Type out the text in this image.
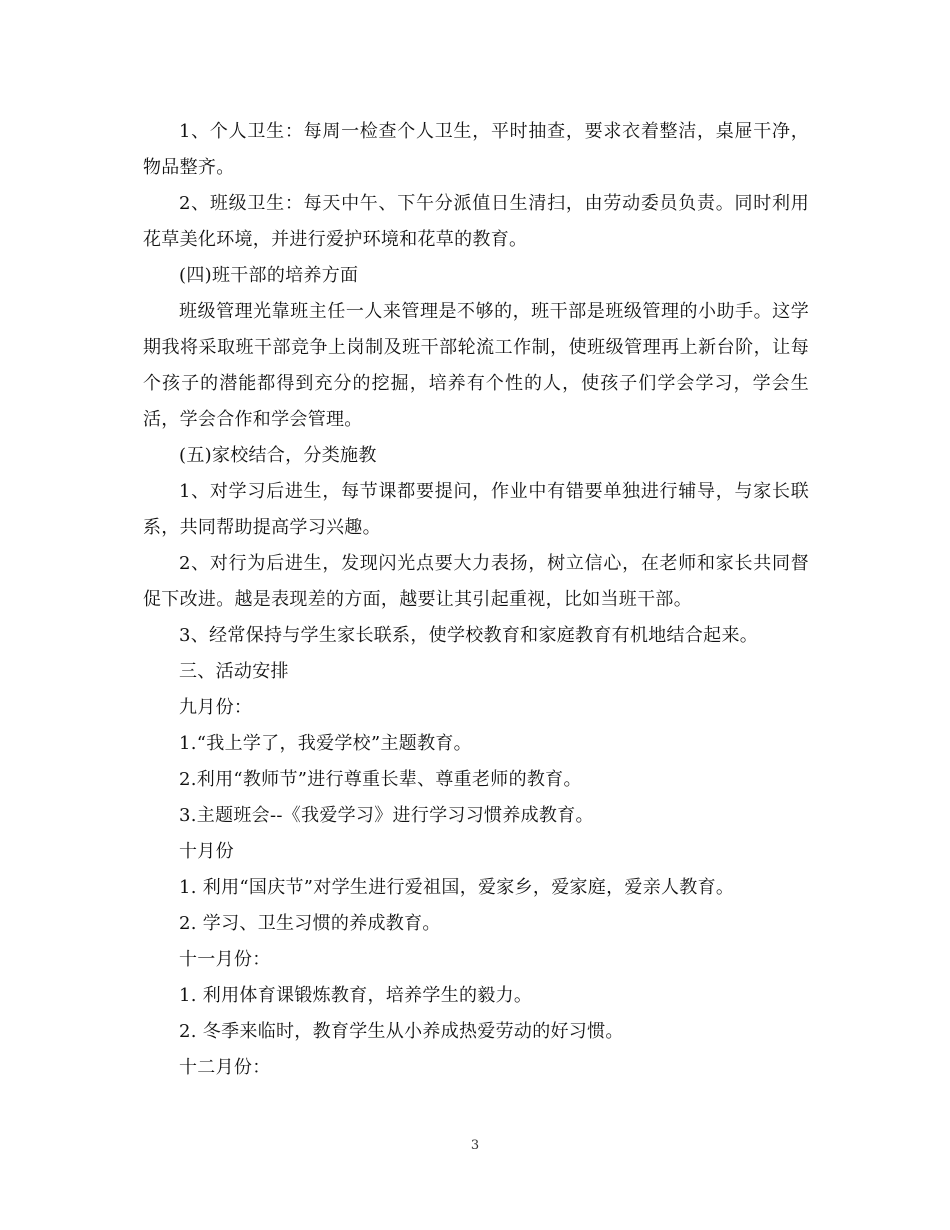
1、个人卫生：每周一检查个人卫生，平时抽查，要求衣着整洁，桌屉干净，物品整齐。

2、班级卫生：每天中午、下午分派值日生清扫，由劳动委员负责。同时利用花草美化环境，并进行爱护环境和花草的教育。

(四)班干部的培养方面

班级管理光靠班主任一人来管理是不够的，班干部是班级管理的小助手。这学期我将采取班干部竞争上岗制及班干部轮流工作制，使班级管理再上新台阶，让每个孩子的潜能都得到充分的挖掘，培养有个性的人，使孩子们学会学习，学会生活，学会合作和学会管理。

(五)家校结合，分类施教

1、对学习后进生，每节课都要提问，作业中有错要单独进行辅导，与家长联系，共同帮助提高学习兴趣。

2、对行为后进生，发现闪光点要大力表扬，树立信心，在老师和家长共同督促下改进。越是表现差的方面，越要让其引起重视，比如当班干部。

3、经常保持与学生家长联系，使学校教育和家庭教育有机地结合起来。

三、活动安排

九月份：

1.“我上学了，我爱学校”主题教育。

2.利用“教师节”进行尊重长辈、尊重老师的教育。

3.主题班会--《我爱学习》进行学习习惯养成教育。

十月份

1. 利用“国庆节”对学生进行爱祖国，爱家乡，爱家庭，爱亲人教育。

2. 学习、卫生习惯的养成教育。

十一月份：

1. 利用体育课锻炼教育，培养学生的毅力。

2. 冬季来临时，教育学生从小养成热爱劳动的好习惯。

十二月份：

3
